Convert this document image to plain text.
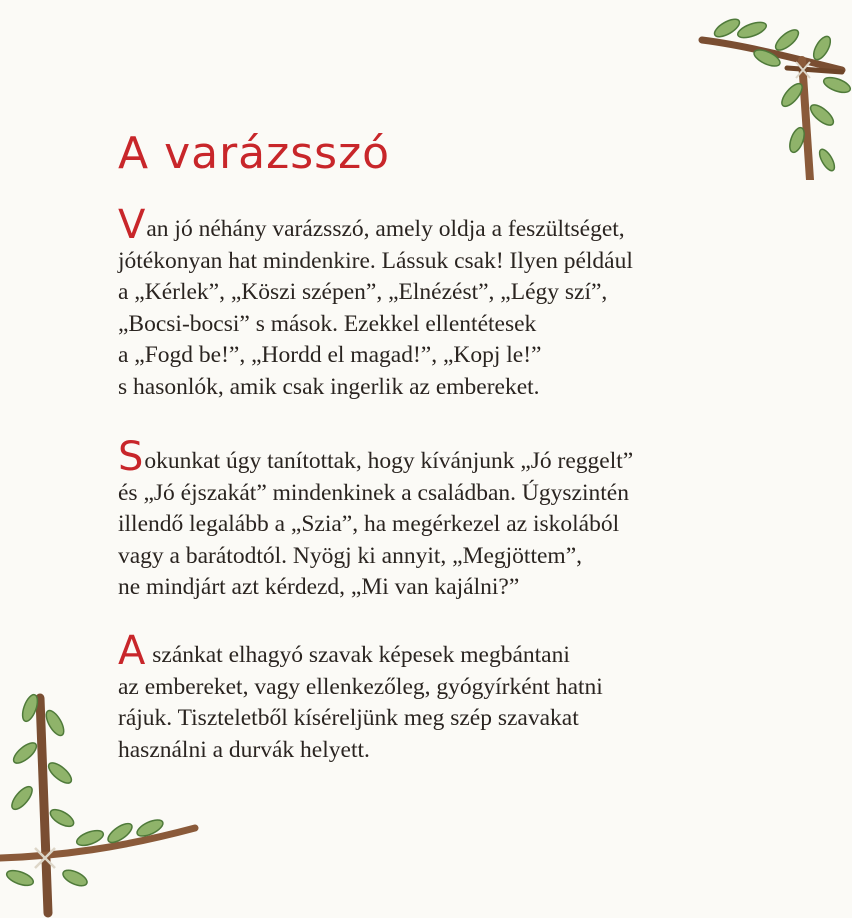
A varázsszó

Van jó néhány varázsszó, amely oldja a feszültséget,
jótékonyan hat mindenkire. Lássuk csak! Ilyen például
a „Kérlek”, „Köszi szépen”, „Elnézést”, „Légy szí”,
„Bocsi-bocsi” s mások. Ezekkel ellentétesek
a „Fogd be!”, „Hordd el magad!”, „Kopj le!”
s hasonlók, amik csak ingerlik az embereket.

Sokunkat úgy tanítottak, hogy kívánjunk „Jó reggelt”
és „Jó éjszakát” mindenkinek a családban. Úgyszintén
illendő legalább a „Szia”, ha megérkezel az iskolából
vagy a barátodtól. Nyögj ki annyit, „Megjöttem”,
ne mindjárt azt kérdezd, „Mi van kajálni?”

A szánkat elhagyó szavak képesek megbántani
az embereket, vagy ellenkezőleg, gyógyírként hatni
rájuk. Tiszteletből kíséreljünk meg szép szavakat
használni a durvák helyett.
